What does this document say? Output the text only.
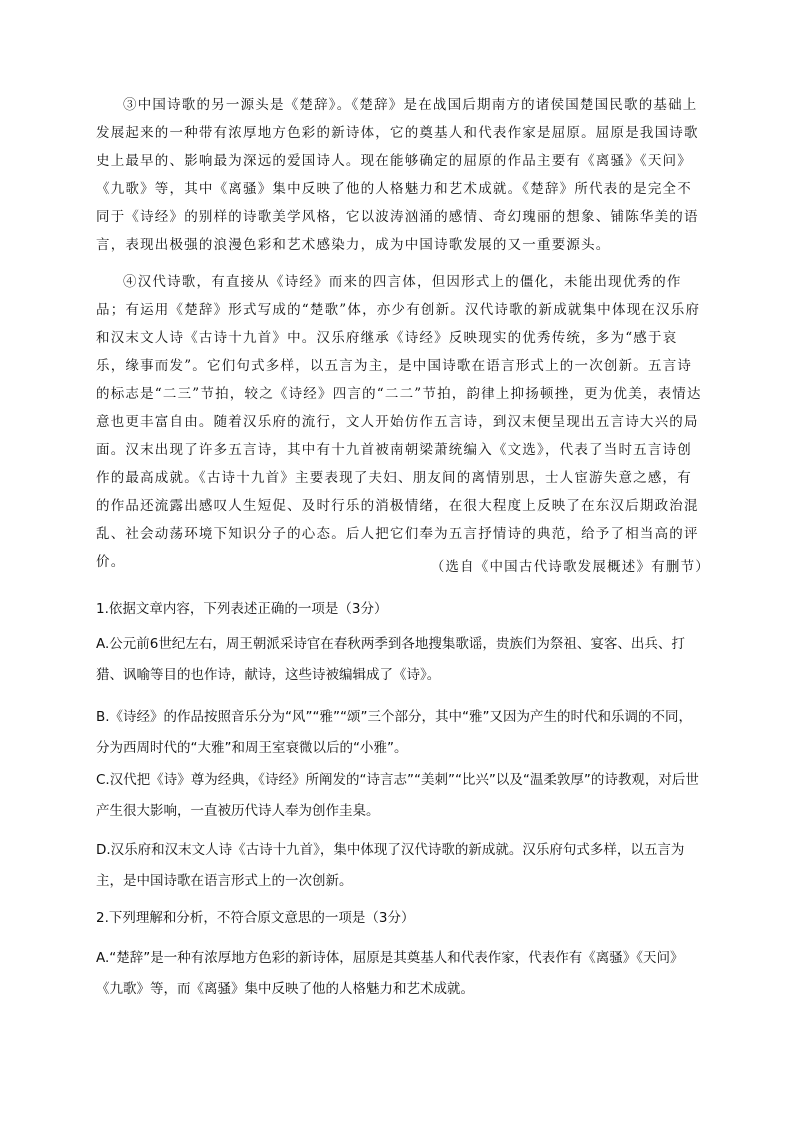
③中国诗歌的另一源头是《楚辞》。《楚辞》是在战国后期南方的诸侯国楚国民歌的基础上发展起来的一种带有浓厚地方色彩的新诗体，它的奠基人和代表作家是屈原。屈原是我国诗歌史上最早的、影响最为深远的爱国诗人。现在能够确定的屈原的作品主要有《离骚》《天问》《九歌》等，其中《离骚》集中反映了他的人格魅力和艺术成就。《楚辞》所代表的是完全不同于《诗经》的别样的诗歌美学风格，它以波涛汹涌的感情、奇幻瑰丽的想象、铺陈华美的语言，表现出极强的浪漫色彩和艺术感染力，成为中国诗歌发展的又一重要源头。
④汉代诗歌，有直接从《诗经》而来的四言体，但因形式上的僵化，未能出现优秀的作品；有运用《楚辞》形式写成的“楚歌”体，亦少有创新。汉代诗歌的新成就集中体现在汉乐府和汉末文人诗《古诗十九首》中。汉乐府继承《诗经》反映现实的优秀传统，多为“感于哀乐，缘事而发”。它们句式多样，以五言为主，是中国诗歌在语言形式上的一次创新。五言诗的标志是“二三”节拍，较之《诗经》四言的“二二”节拍，韵律上抑扬顿挫，更为优美，表情达意也更丰富自由。随着汉乐府的流行，文人开始仿作五言诗，到汉末便呈现出五言诗大兴的局面。汉末出现了许多五言诗，其中有十九首被南朝梁萧统编入《文选》，代表了当时五言诗创作的最高成就。《古诗十九首》主要表现了夫妇、朋友间的离情别思，士人宦游失意之感，有的作品还流露出感叹人生短促、及时行乐的消极情绪，在很大程度上反映了在东汉后期政治混乱、社会动荡环境下知识分子的心态。后人把它们奉为五言抒情诗的典范，给予了相当高的评价。	（选自《中国古代诗歌发展概述》有删节）
1.依据文章内容，下列表述正确的一项是（3分）
A.公元前6世纪左右，周王朝派采诗官在春秋两季到各地搜集歌谣，贵族们为祭祖、宴客、出兵、打猎、讽喻等目的也作诗，献诗，这些诗被编辑成了《诗》。
B.《诗经》的作品按照音乐分为“风”“雅”“颂”三个部分，其中“雅”又因为产生的时代和乐调的不同，分为西周时代的“大雅”和周王室衰微以后的“小雅”。
C.汉代把《诗》尊为经典，《诗经》所阐发的“诗言志”“美刺”“比兴”以及“温柔敦厚”的诗教观，对后世产生很大影响，一直被历代诗人奉为创作圭臬。
D.汉乐府和汉末文人诗《古诗十九首》，集中体现了汉代诗歌的新成就。汉乐府句式多样，以五言为主，是中国诗歌在语言形式上的一次创新。
2.下列理解和分析，不符合原文意思的一项是（3分）
A.“楚辞”是一种有浓厚地方色彩的新诗体，屈原是其奠基人和代表作家，代表作有《离骚》《天问》《九歌》等，而《离骚》集中反映了他的人格魅力和艺术成就。
